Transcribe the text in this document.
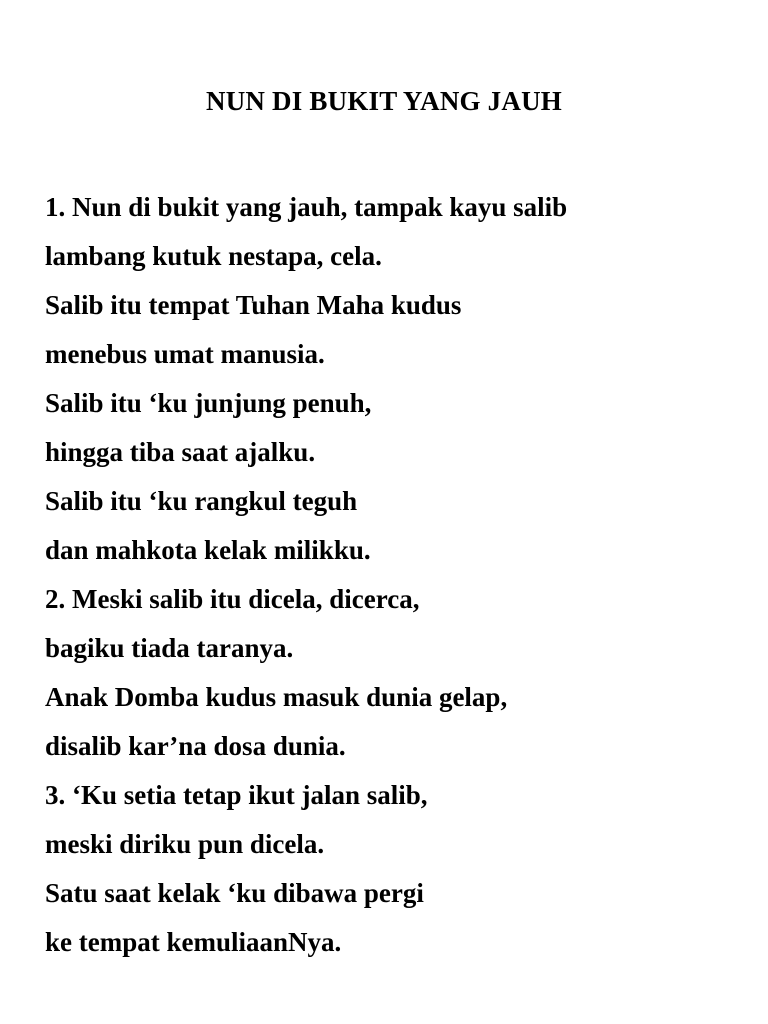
NUN DI BUKIT YANG JAUH
1. Nun di bukit yang jauh, tampak kayu salib
lambang kutuk nestapa, cela.
Salib itu tempat Tuhan Maha kudus
menebus umat manusia.
Salib itu ‘ku junjung penuh,
hingga tiba saat ajalku.
Salib itu ‘ku rangkul teguh
dan mahkota kelak milikku.
2. Meski salib itu dicela, dicerca,
bagiku tiada taranya.
Anak Domba kudus masuk dunia gelap,
disalib kar’na dosa dunia.
3. ‘Ku setia tetap ikut jalan salib,
meski diriku pun dicela.
Satu saat kelak ‘ku dibawa pergi
ke tempat kemuliaanNya.
